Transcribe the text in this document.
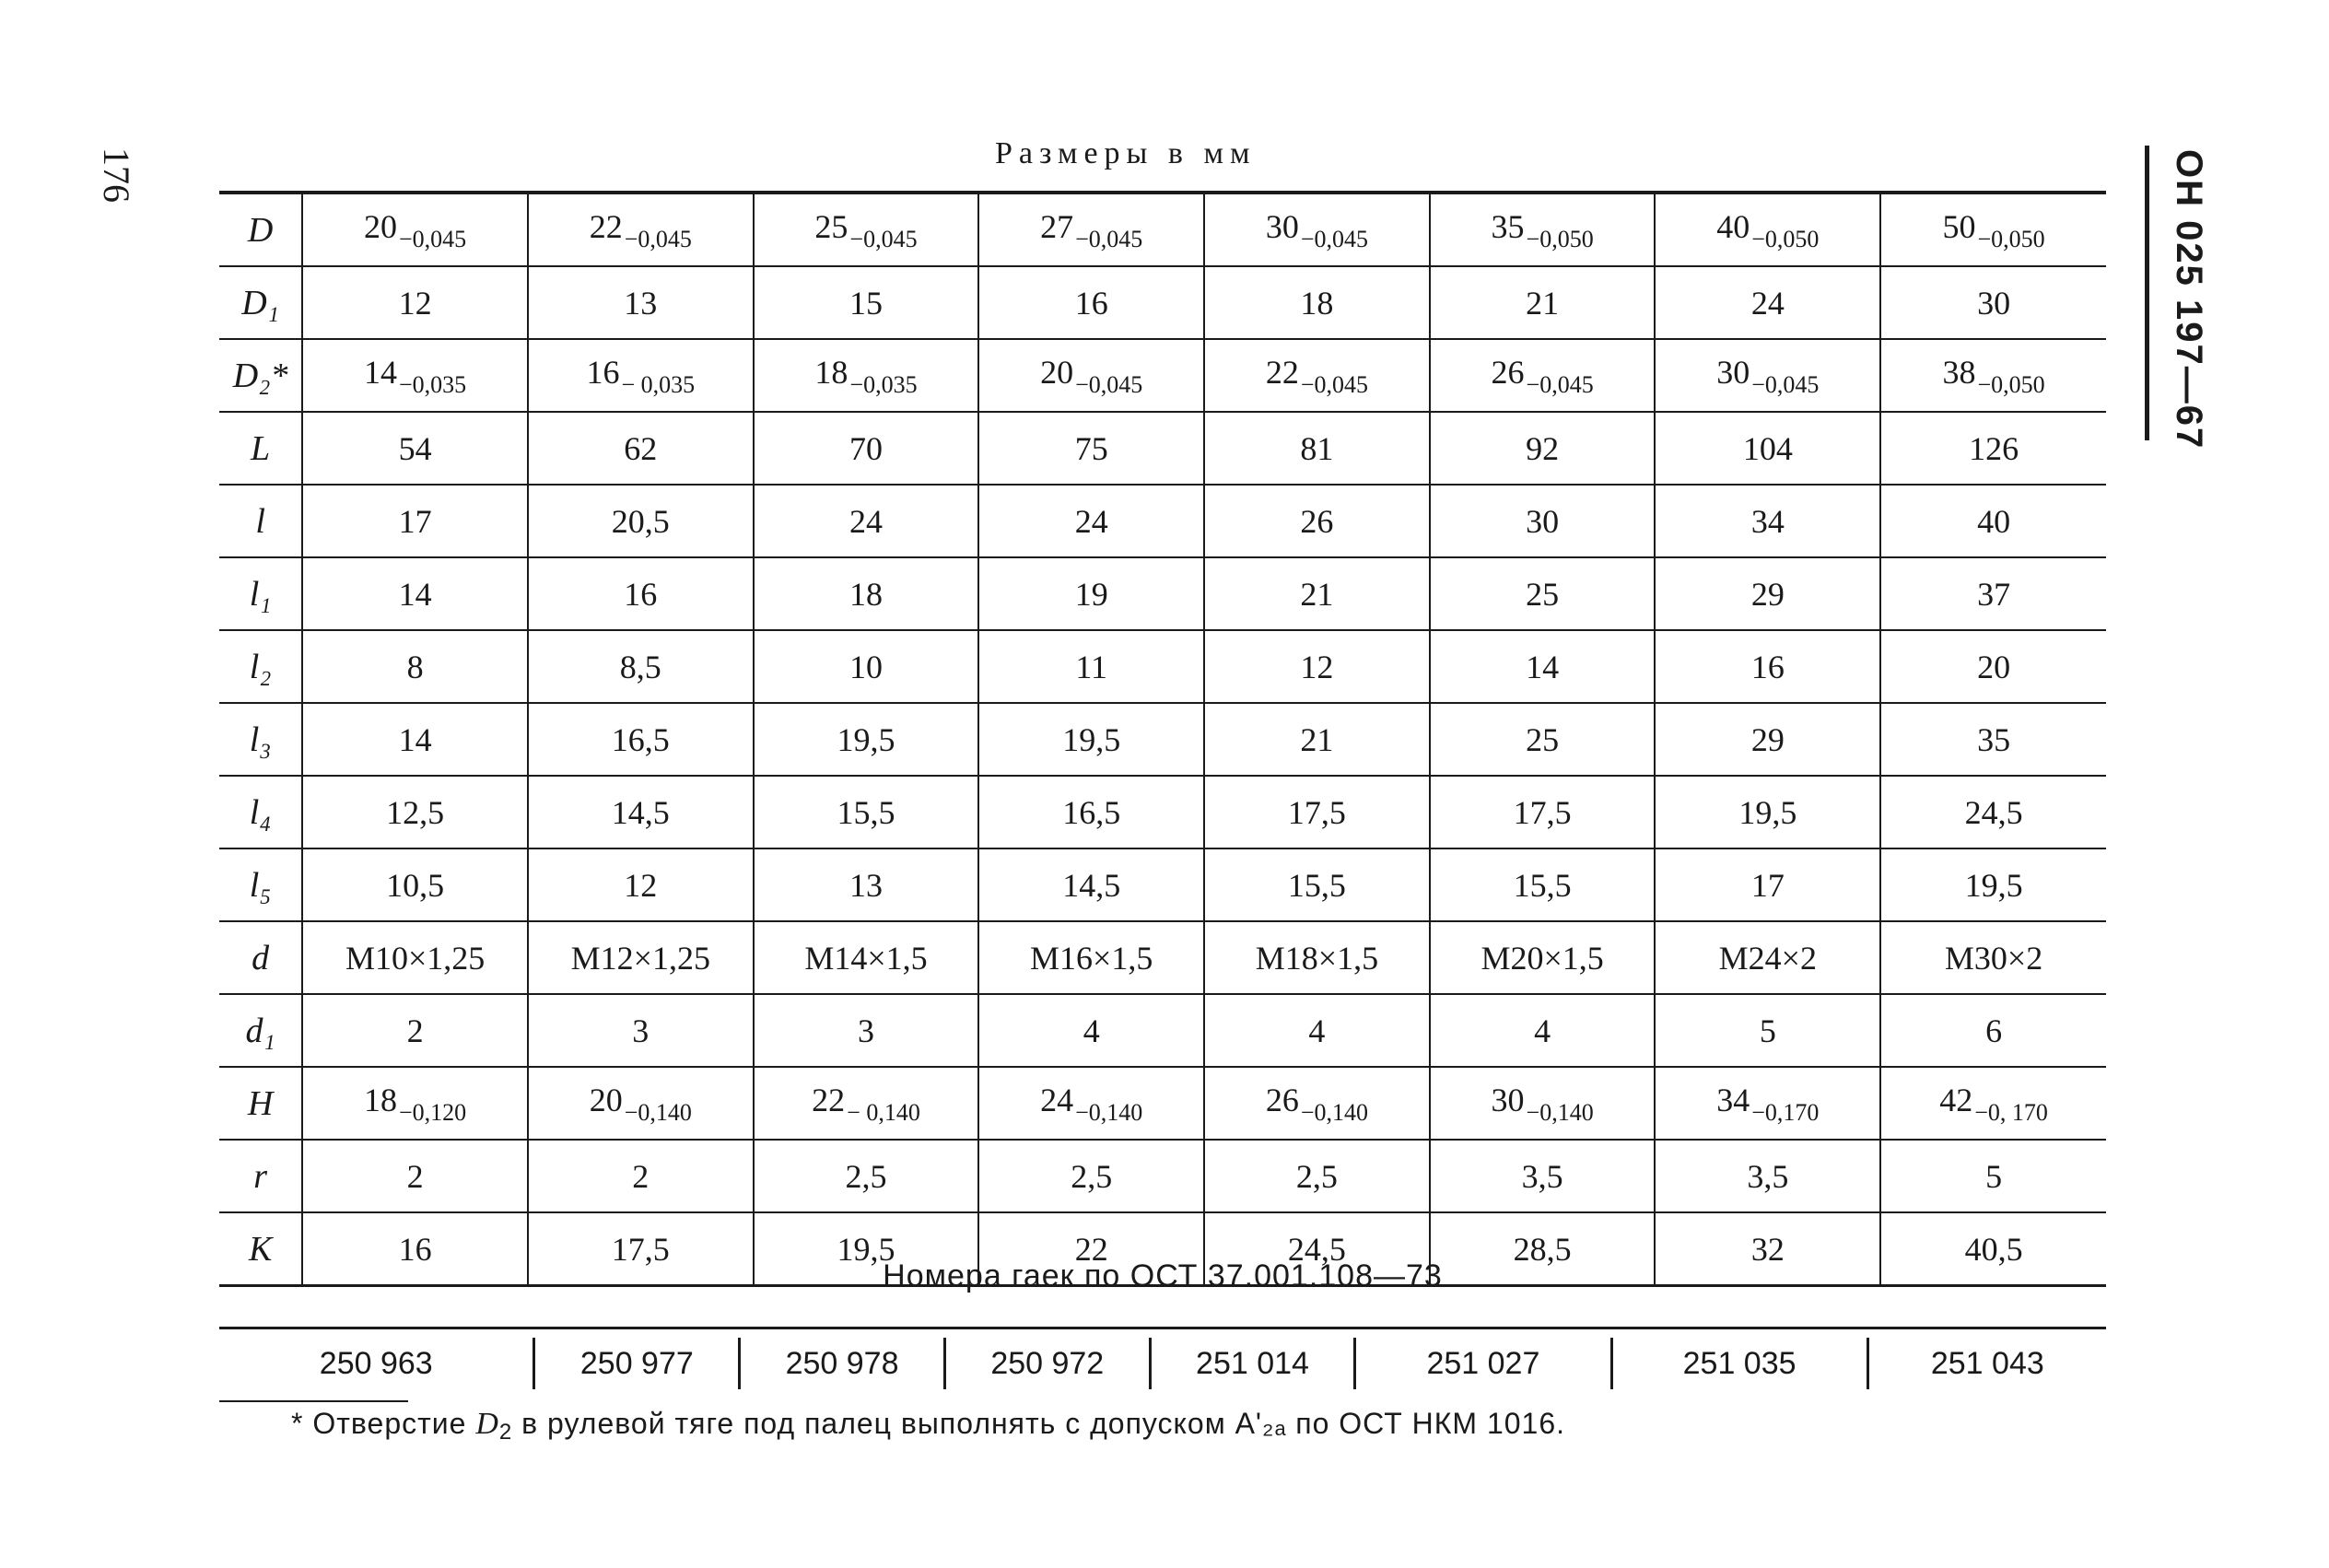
176	ОН 025 197—67
Размеры в мм
D	$20_{-0,045}$	$22_{-0,045}$	$25_{-0,045}$	$27_{-0,045}$	$30_{-0,045}$	$35_{-0,050}$	$40_{-0,050}$	$50_{-0,050}$
D₁	12	13	15	16	18	21	24	30
D₂*	$14_{-0,035}$	$16_{- 0,035}$	$18_{-0,035}$	$20_{-0,045}$	$22_{-0,045}$	$26_{-0,045}$	$30_{-0,045}$	$38_{-0,050}$
L	54	62	70	75	81	92	104	126
l	17	20,5	24	24	26	30	34	40
l₁	14	16	18	19	21	25	29	37
l₂	8	8,5	10	11	12	14	16	20
l₃	14	16,5	19,5	19,5	21	25	29	35
l₄	12,5	14,5	15,5	16,5	17,5	17,5	19,5	24,5
l₅	10,5	12	13	14,5	15,5	15,5	17	19,5
d	M10×1,25	M12×1,25	M14×1,5	M16×1,5	M18×1,5	M20×1,5	M24×2	M30×2
d₁	2	3	3	4	4	4	5	6
H	$18_{-0,120}$	$20_{-0,140}$	$22_{- 0,140}$	$24_{-0,140}$	$26_{-0,140}$	$30_{-0,140}$	$34_{-0,170}$	$42_{-0, 170}$
r	2	2	2,5	2,5	2,5	3,5	3,5	5
K	16	17,5	19,5	22	24,5	28,5	32	40,5
Номера гаек по ОСТ 37.001.108—73
250 963	250 977	250 978	250 972	251 014	251 027	251 035	251 043
* Отверстие D2 в рулевой тяге под палец выполнять с допуском А'₂ₐ по ОСТ НКМ 1016.
